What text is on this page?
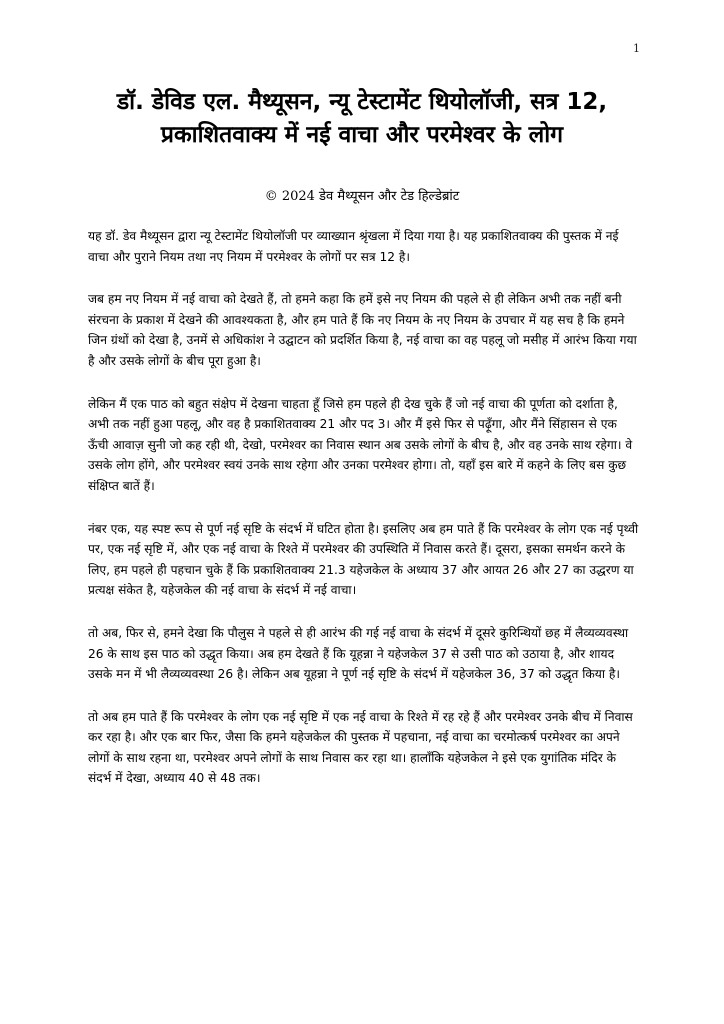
1
डॉ. डेविड एल. मैथ्यूसन, न्यू टेस्टामेंट थियोलॉजी, सत्र 12, प्रकाशितवाक्य में नई वाचा और परमेश्वर के लोग
© 2024 डेव मैथ्यूसन और टेड हिल्डेब्रांट

यह डॉ. डेव मैथ्यूसन द्वारा न्यू टेस्टामेंट थियोलॉजी पर व्याख्यान श्रृंखला में दिया गया है। यह प्रकाशितवाक्य की पुस्तक में नई वाचा और पुराने नियम तथा नए नियम में परमेश्वर के लोगों पर सत्र 12 है।

जब हम नए नियम में नई वाचा को देखते हैं, तो हमने कहा कि हमें इसे नए नियम की पहले से ही लेकिन अभी तक नहीं बनी संरचना के प्रकाश में देखने की आवश्यकता है, और हम पाते हैं कि नए नियम के नए नियम के उपचार में यह सच है कि हमने जिन ग्रंथों को देखा है, उनमें से अधिकांश ने उद्घाटन को प्रदर्शित किया है, नई वाचा का वह पहलू जो मसीह में आरंभ किया गया है और उसके लोगों के बीच पूरा हुआ है।

लेकिन मैं एक पाठ को बहुत संक्षेप में देखना चाहता हूँ जिसे हम पहले ही देख चुके हैं जो नई वाचा की पूर्णता को दर्शाता है, अभी तक नहीं हुआ पहलू, और वह है प्रकाशितवाक्य 21 और पद 3। और मैं इसे फिर से पढ़ूँगा, और मैंने सिंहासन से एक ऊँची आवाज़ सुनी जो कह रही थी, देखो, परमेश्वर का निवास स्थान अब उसके लोगों के बीच है, और वह उनके साथ रहेगा। वे उसके लोग होंगे, और परमेश्वर स्वयं उनके साथ रहेगा और उनका परमेश्वर होगा। तो, यहाँ इस बारे में कहने के लिए बस कुछ संक्षिप्त बातें हैं।

नंबर एक, यह स्पष्ट रूप से पूर्ण नई सृष्टि के संदर्भ में घटित होता है। इसलिए अब हम पाते हैं कि परमेश्वर के लोग एक नई पृथ्वी पर, एक नई सृष्टि में, और एक नई वाचा के रिश्ते में परमेश्वर की उपस्थिति में निवास करते हैं। दूसरा, इसका समर्थन करने के लिए, हम पहले ही पहचान चुके हैं कि प्रकाशितवाक्य 21.3 यहेजकेल के अध्याय 37 और आयत 26 और 27 का उद्धरण या प्रत्यक्ष संकेत है, यहेजकेल की नई वाचा के संदर्भ में नई वाचा।

तो अब, फिर से, हमने देखा कि पौलुस ने पहले से ही आरंभ की गई नई वाचा के संदर्भ में दूसरे कुरिन्थियों छह में लैव्यव्यवस्था 26 के साथ इस पाठ को उद्धृत किया। अब हम देखते हैं कि यूहन्ना ने यहेजकेल 37 से उसी पाठ को उठाया है, और शायद उसके मन में भी लैव्यव्यवस्था 26 है। लेकिन अब यूहन्ना ने पूर्ण नई सृष्टि के संदर्भ में यहेजकेल 36, 37 को उद्धृत किया है।

तो अब हम पाते हैं कि परमेश्वर के लोग एक नई सृष्टि में एक नई वाचा के रिश्ते में रह रहे हैं और परमेश्वर उनके बीच में निवास कर रहा है। और एक बार फिर, जैसा कि हमने यहेजकेल की पुस्तक में पहचाना, नई वाचा का चरमोत्कर्ष परमेश्वर का अपने लोगों के साथ रहना था, परमेश्वर अपने लोगों के साथ निवास कर रहा था। हालाँकि यहेजकेल ने इसे एक युगांतिक मंदिर के संदर्भ में देखा, अध्याय 40 से 48 तक।
